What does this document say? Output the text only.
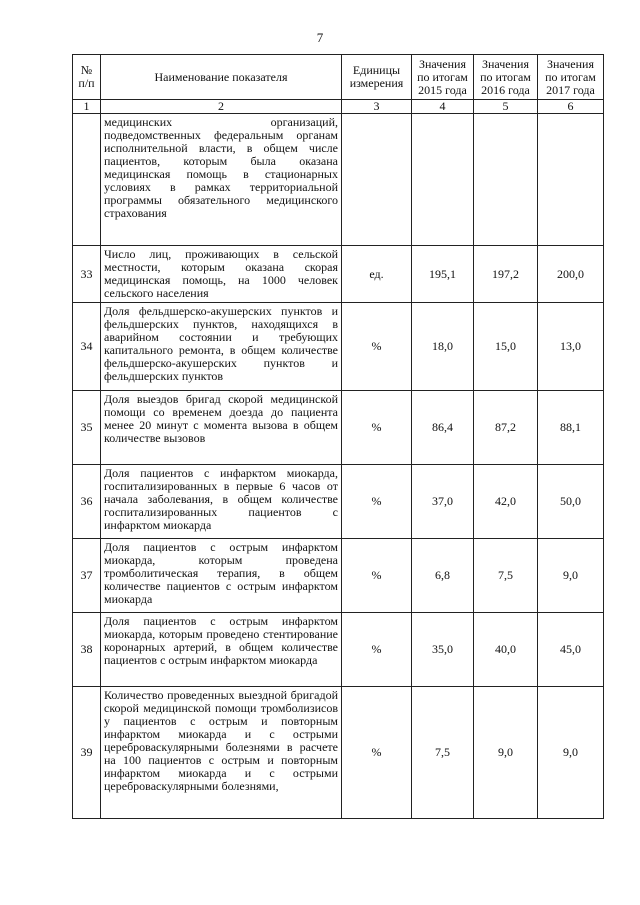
7
№ п/п	Наименование показателя	Единицы измерения	Значения по итогам 2015 года	Значения по итогам 2016 года	Значения по итогам 2017 года
1	2	3	4	5	6
	медицинских организаций, подведомственных федеральным органам исполнительной власти, в общем числе пациентов, которым была оказана медицинская помощь в стационарных условиях в рамках территориальной программы обязательного медицинского страхования				
33	Число лиц, проживающих в сельской местности, которым оказана скорая медицинская помощь, на 1000 человек сельского населения	ед.	195,1	197,2	200,0
34	Доля фельдшерско-акушерских пунктов и фельдшерских пунктов, находящихся в аварийном состоянии и требующих капитального ремонта, в общем количестве фельдшерско-акушерских пунктов и фельдшерских пунктов	%	18,0	15,0	13,0
35	Доля выездов бригад скорой медицинской помощи со временем доезда до пациента менее 20 минут с момента вызова в общем количестве вызовов	%	86,4	87,2	88,1
36	Доля пациентов с инфарктом миокарда, госпитализированных в первые 6 часов от начала заболевания, в общем количестве госпитализированных пациентов с инфарктом миокарда	%	37,0	42,0	50,0
37	Доля пациентов с острым инфарктом миокарда, которым проведена тромболитическая терапия, в общем количестве пациентов с острым инфарктом миокарда	%	6,8	7,5	9,0
38	Доля пациентов с острым инфарктом миокарда, которым проведено стентирование коронарных артерий, в общем количестве пациентов с острым инфарктом миокарда	%	35,0	40,0	45,0
39	Количество проведенных выездной бригадой скорой медицинской помощи тромболизисов у пациентов с острым и повторным инфарктом миокарда и с острыми цереброваскулярными болезнями в расчете на 100 пациентов с острым и повторным инфарктом миокарда и с острыми цереброваскулярными болезнями,	%	7,5	9,0	9,0
